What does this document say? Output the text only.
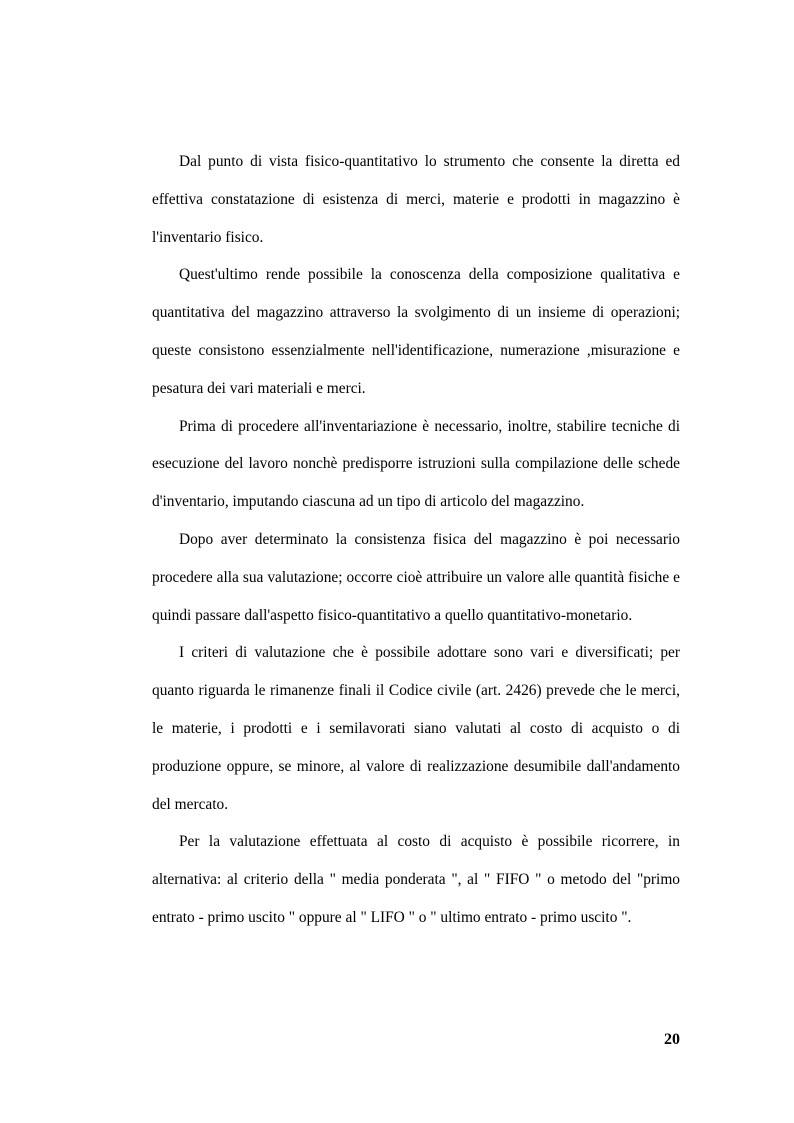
Dal punto di vista fisico-quantitativo lo strumento che consente la diretta ed effettiva constatazione di esistenza di merci, materie e prodotti in magazzino è l'inventario fisico.

Quest'ultimo rende possibile la conoscenza della composizione qualitativa e quantitativa del magazzino attraverso la svolgimento di un insieme di operazioni; queste consistono essenzialmente nell'identificazione, numerazione ,misurazione e pesatura dei vari materiali e merci.

Prima di procedere all'inventariazione è necessario, inoltre, stabilire tecniche di esecuzione del lavoro nonchè predisporre istruzioni sulla compilazione delle schede d'inventario, imputando ciascuna ad un tipo di articolo del magazzino.

Dopo aver determinato la consistenza fisica del magazzino è poi necessario procedere alla sua valutazione; occorre cioè attribuire un valore alle quantità fisiche e quindi passare dall'aspetto fisico-quantitativo a quello quantitativo-monetario.

I criteri di valutazione che è possibile adottare sono vari e diversificati; per quanto riguarda le rimanenze finali il Codice civile (art. 2426) prevede che le merci, le materie, i prodotti e i semilavorati siano valutati al costo di acquisto o di produzione oppure, se minore, al valore di realizzazione desumibile dall'andamento del mercato.

Per la valutazione effettuata al costo di acquisto è possibile ricorrere, in alternativa: al criterio della " media ponderata ", al " FIFO " o metodo del "primo entrato - primo uscito " oppure al " LIFO " o " ultimo entrato - primo uscito ".

20
